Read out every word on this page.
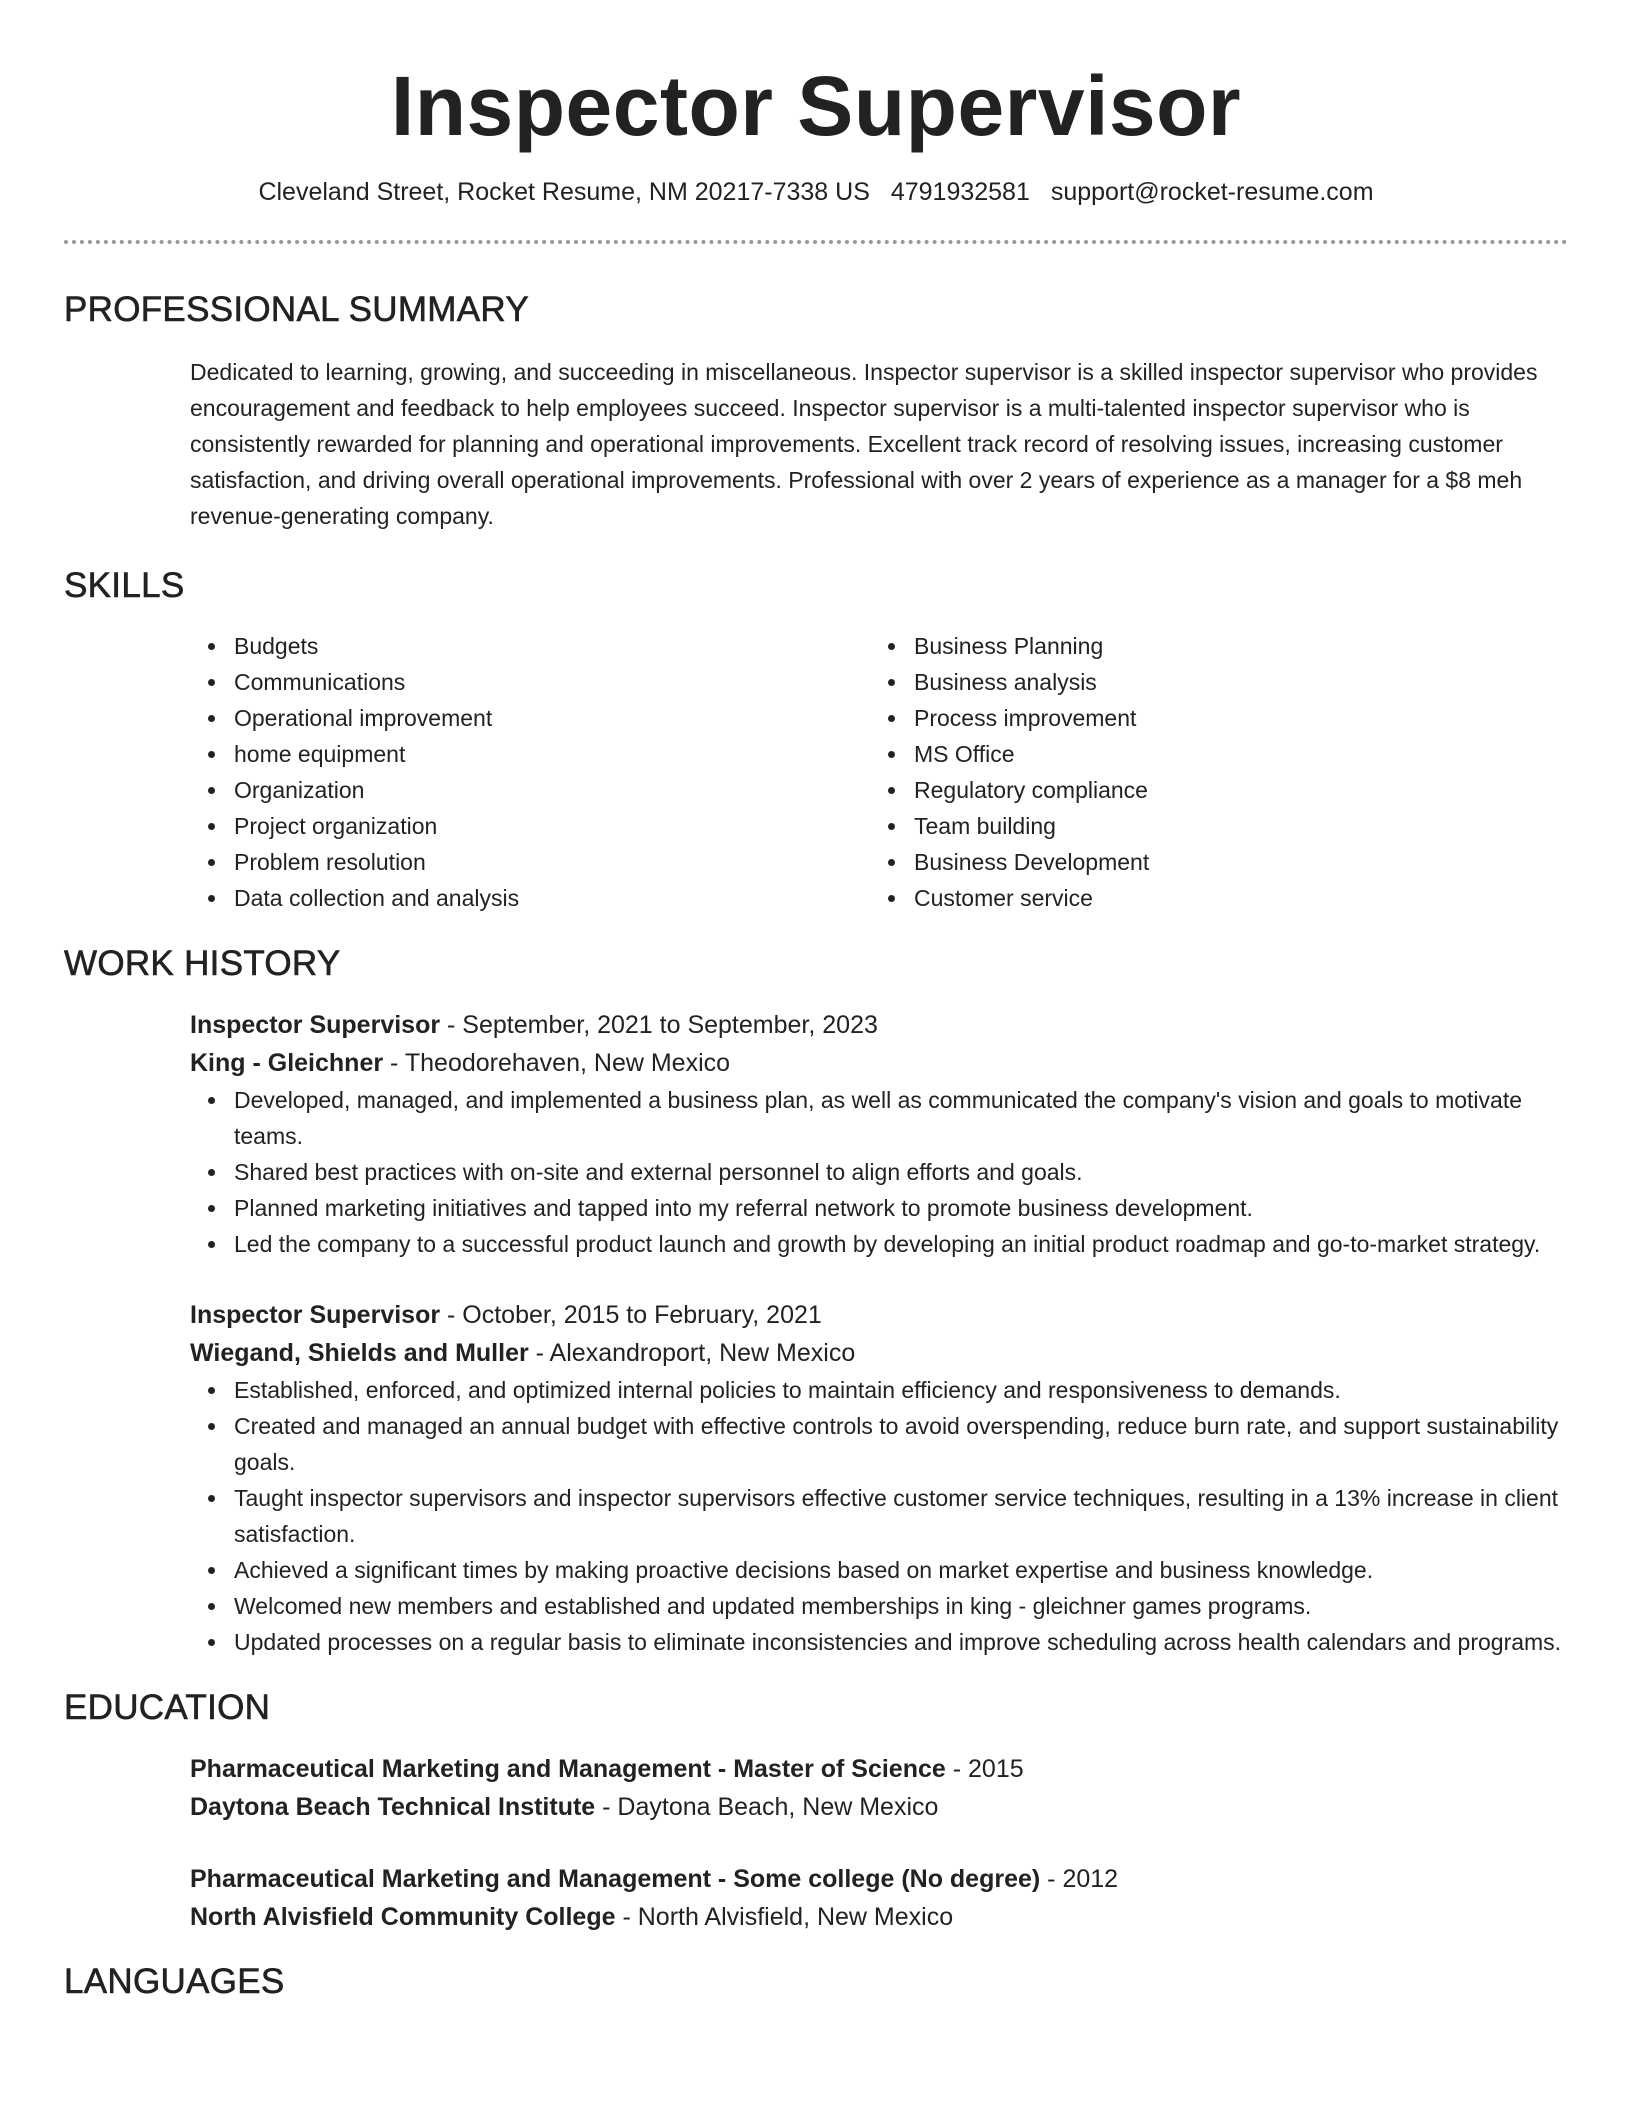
Inspector Supervisor
Cleveland Street, Rocket Resume, NM 20217-7338 US 4791932581 support@rocket-resume.com
PROFESSIONAL SUMMARY
Dedicated to learning, growing, and succeeding in miscellaneous. Inspector supervisor is a skilled inspector supervisor who provides encouragement and feedback to help employees succeed. Inspector supervisor is a multi-talented inspector supervisor who is consistently rewarded for planning and operational improvements. Excellent track record of resolving issues, increasing customer satisfaction, and driving overall operational improvements. Professional with over 2 years of experience as a manager for a $8 meh revenue-generating company.
SKILLS
Budgets
Communications
Operational improvement
home equipment
Organization
Project organization
Problem resolution
Data collection and analysis
Business Planning
Business analysis
Process improvement
MS Office
Regulatory compliance
Team building
Business Development
Customer service
WORK HISTORY
Inspector Supervisor - September, 2021 to September, 2023
King - Gleichner - Theodorehaven, New Mexico
Developed, managed, and implemented a business plan, as well as communicated the company's vision and goals to motivate teams.
Shared best practices with on-site and external personnel to align efforts and goals.
Planned marketing initiatives and tapped into my referral network to promote business development.
Led the company to a successful product launch and growth by developing an initial product roadmap and go-to-market strategy.
Inspector Supervisor - October, 2015 to February, 2021
Wiegand, Shields and Muller - Alexandroport, New Mexico
Established, enforced, and optimized internal policies to maintain efficiency and responsiveness to demands.
Created and managed an annual budget with effective controls to avoid overspending, reduce burn rate, and support sustainability goals.
Taught inspector supervisors and inspector supervisors effective customer service techniques, resulting in a 13% increase in client satisfaction.
Achieved a significant times by making proactive decisions based on market expertise and business knowledge.
Welcomed new members and established and updated memberships in king - gleichner games programs.
Updated processes on a regular basis to eliminate inconsistencies and improve scheduling across health calendars and programs.
EDUCATION
Pharmaceutical Marketing and Management - Master of Science - 2015
Daytona Beach Technical Institute - Daytona Beach, New Mexico
Pharmaceutical Marketing and Management - Some college (No degree) - 2012
North Alvisfield Community College - North Alvisfield, New Mexico
LANGUAGES
